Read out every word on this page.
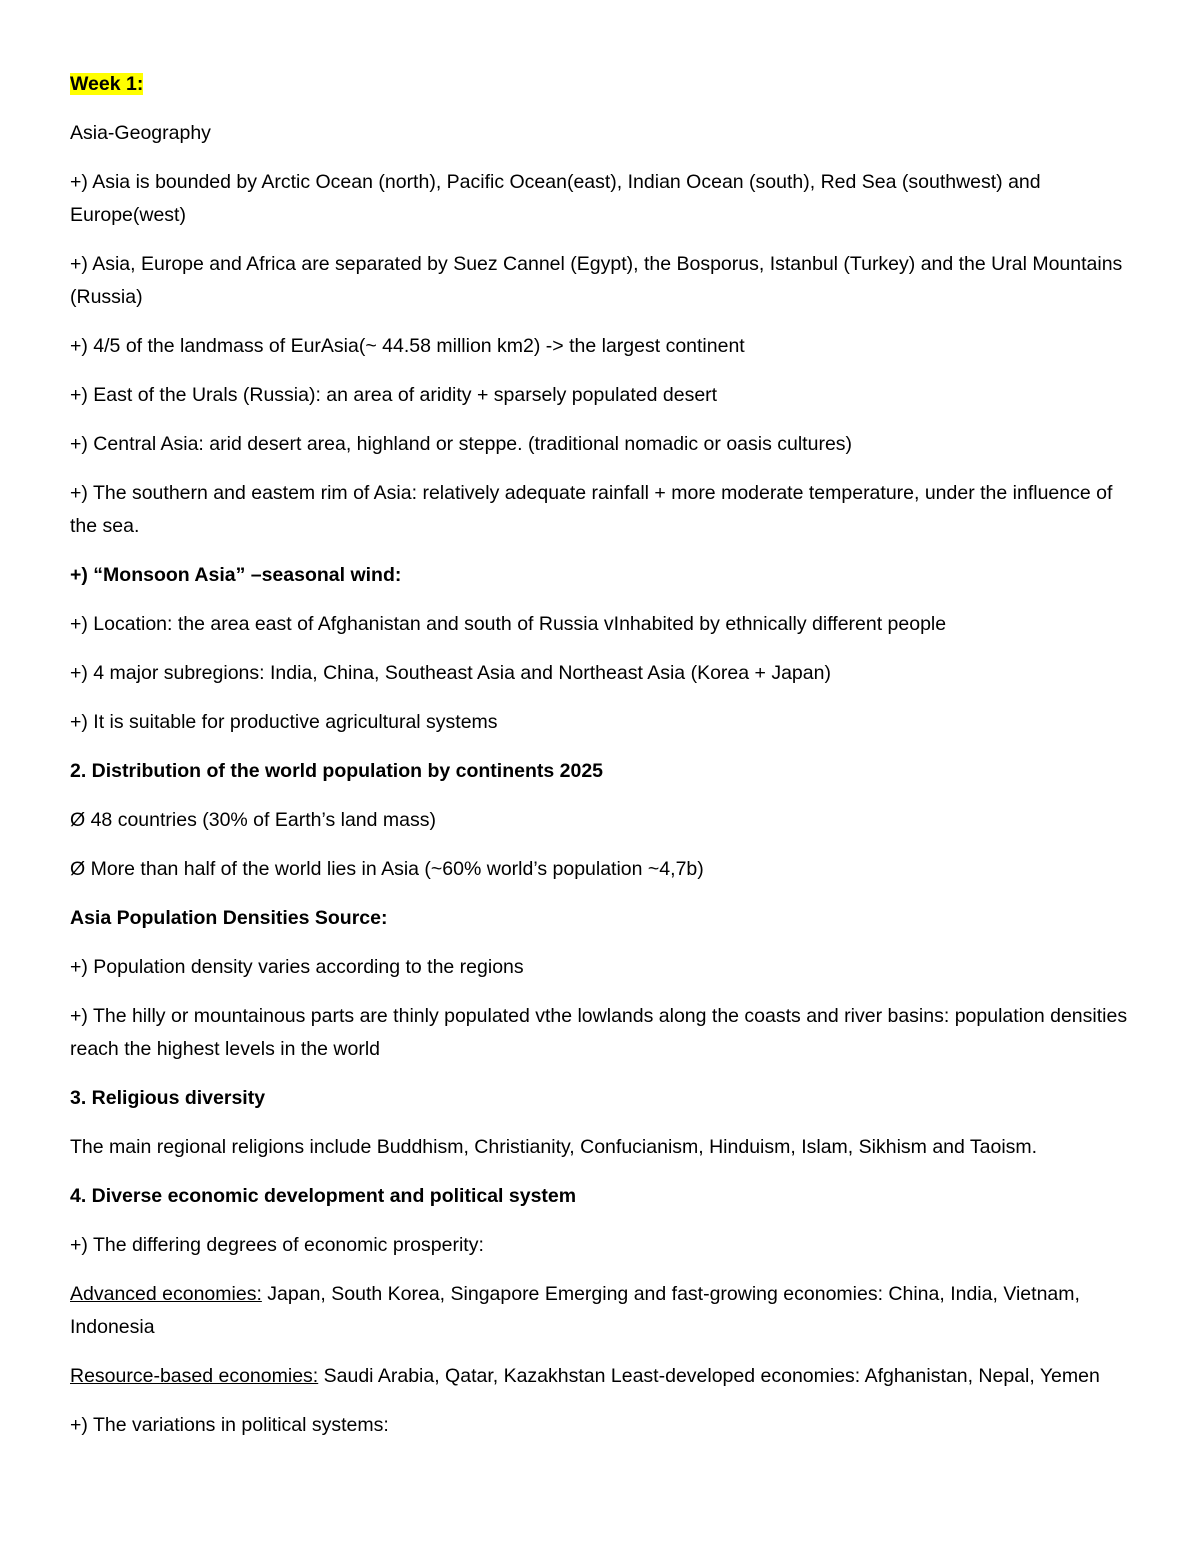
Week 1:

Asia-Geography

+) Asia is bounded by Arctic Ocean (north), Pacific Ocean(east), Indian Ocean (south), Red Sea (southwest) and Europe(west)

+) Asia, Europe and Africa are separated by Suez Cannel (Egypt), the Bosporus, Istanbul (Turkey) and the Ural Mountains (Russia)

+) 4/5 of the landmass of EurAsia(~ 44.58 million km2) -> the largest continent

+) East of the Urals (Russia): an area of aridity + sparsely populated desert

+) Central Asia: arid desert area, highland or steppe. (traditional nomadic or oasis cultures)

+) The southern and eastem rim of Asia: relatively adequate rainfall + more moderate temperature, under the influence of the sea.

+) “Monsoon Asia” –seasonal wind:

+) Location: the area east of Afghanistan and south of Russia vInhabited by ethnically different people

+) 4 major subregions: India, China, Southeast Asia and Northeast Asia (Korea + Japan)

+) It is suitable for productive agricultural systems

2. Distribution of the world population by continents 2025

Ø 48 countries (30% of Earth’s land mass)

Ø More than half of the world lies in Asia (~60% world’s population ~4,7b)

Asia Population Densities Source:

+) Population density varies according to the regions

+) The hilly or mountainous parts are thinly populated vthe lowlands along the coasts and river basins: population densities reach the highest levels in the world

3. Religious diversity

The main regional religions include Buddhism, Christianity, Confucianism, Hinduism, Islam, Sikhism and Taoism.

4. Diverse economic development and political system

+) The differing degrees of economic prosperity:

Advanced economies: Japan, South Korea, Singapore Emerging and fast-growing economies: China, India, Vietnam, Indonesia

Resource-based economies: Saudi Arabia, Qatar, Kazakhstan Least-developed economies: Afghanistan, Nepal, Yemen

+) The variations in political systems:
